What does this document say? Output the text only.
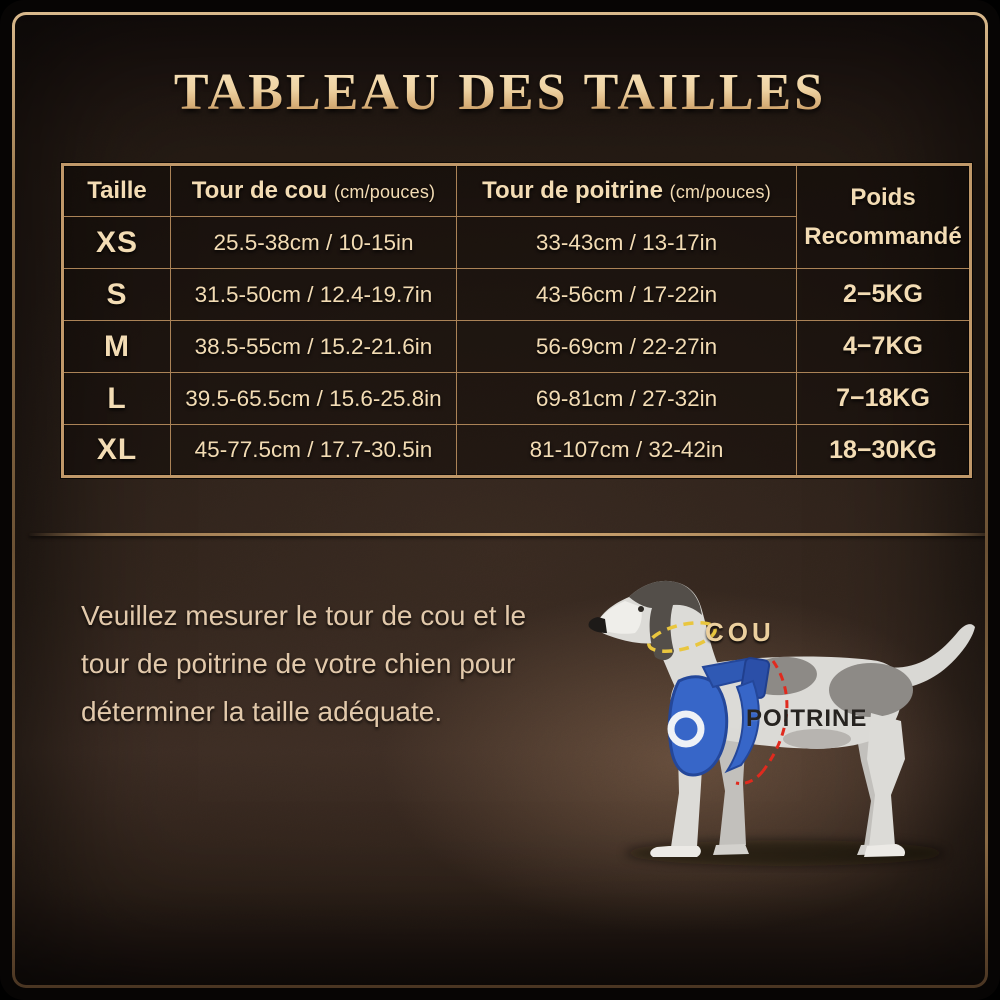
TABLEAU DES TAILLES
Taille	Tour de cou (cm/pouces)	Tour de poitrine (cm/pouces)	Poids
Recommandé

XS	25.5-38cm / 10-15in	33-43cm / 13-17in	
S	31.5-50cm / 12.4-19.7in	43-56cm / 17-22in	2−5KG
M	38.5-55cm / 15.2-21.6in	56-69cm / 22-27in	4−7KG
L	39.5-65.5cm / 15.6-25.8in	69-81cm / 27-32in	7−18KG
XL	45-77.5cm / 17.7-30.5in	81-107cm / 32-42in	18−30KG
Veuillez mesurer le tour de cou et le tour de poitrine de votre chien pour déterminer la taille adéquate.
COU
POITRINE
